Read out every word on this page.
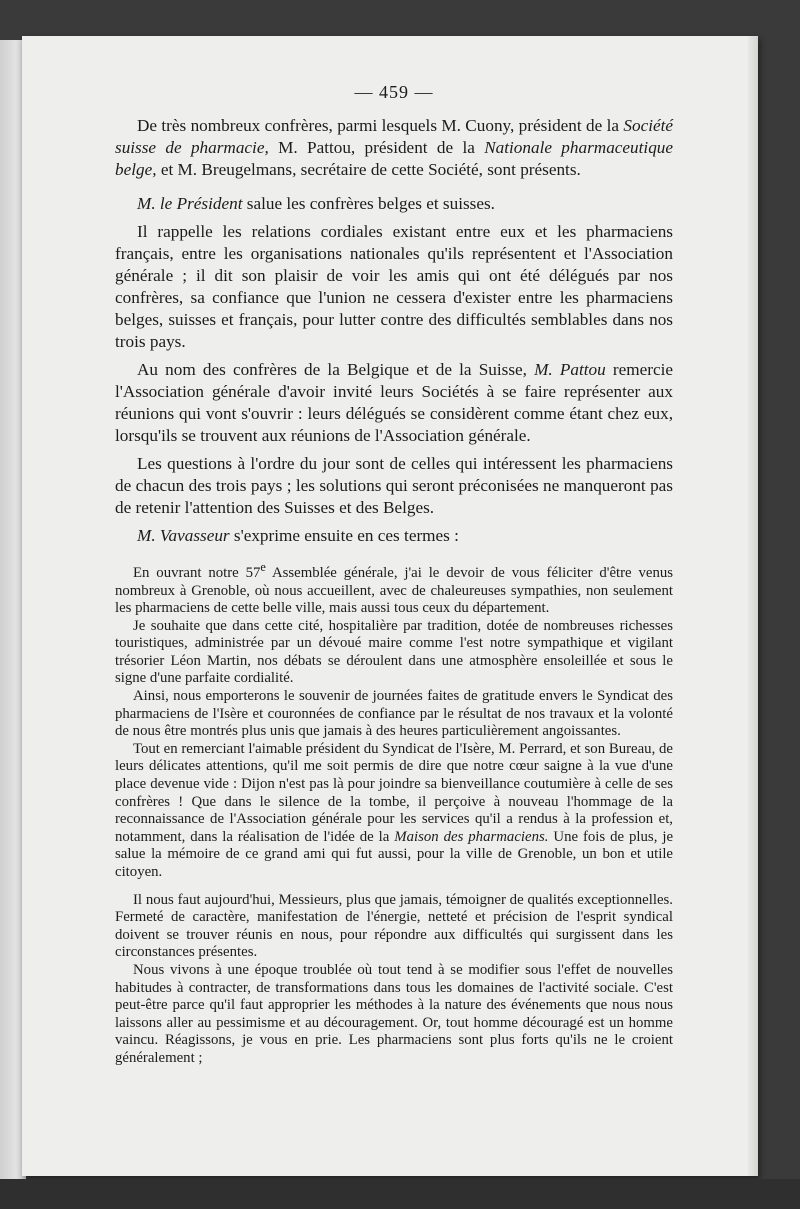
— 459 —

De très nombreux confrères, parmi lesquels M. Cuony, président de la Société suisse de pharmacie, M. Pattou, président de la Nationale pharmaceutique belge, et M. Breugelmans, secrétaire de cette Société, sont présents.

M. le Président salue les confrères belges et suisses.

Il rappelle les relations cordiales existant entre eux et les pharmaciens français, entre les organisations nationales qu'ils représentent et l'Association générale ; il dit son plaisir de voir les amis qui ont été délégués par nos confrères, sa confiance que l'union ne cessera d'exister entre les pharmaciens belges, suisses et français, pour lutter contre des difficultés semblables dans nos trois pays.

Au nom des confrères de la Belgique et de la Suisse, M. Pattou remercie l'Association générale d'avoir invité leurs Sociétés à se faire représenter aux réunions qui vont s'ouvrir : leurs délégués se considèrent comme étant chez eux, lorsqu'ils se trouvent aux réunions de l'Association générale.

Les questions à l'ordre du jour sont de celles qui intéressent les pharmaciens de chacun des trois pays ; les solutions qui seront préconisées ne manqueront pas de retenir l'attention des Suisses et des Belges.

M. Vavasseur s'exprime ensuite en ces termes :

En ouvrant notre 57e Assemblée générale, j'ai le devoir de vous féliciter d'être venus nombreux à Grenoble, où nous accueillent, avec de chaleureuses sympathies, non seulement les pharmaciens de cette belle ville, mais aussi tous ceux du département.

Je souhaite que dans cette cité, hospitalière par tradition, dotée de nombreuses richesses touristiques, administrée par un dévoué maire comme l'est notre sympathique et vigilant trésorier Léon Martin, nos débats se déroulent dans une atmosphère ensoleillée et sous le signe d'une parfaite cordialité.

Ainsi, nous emporterons le souvenir de journées faites de gratitude envers le Syndicat des pharmaciens de l'Isère et couronnées de confiance par le résultat de nos travaux et la volonté de nous être montrés plus unis que jamais à des heures particulièrement angoissantes.

Tout en remerciant l'aimable président du Syndicat de l'Isère, M. Perrard, et son Bureau, de leurs délicates attentions, qu'il me soit permis de dire que notre cœur saigne à la vue d'une place devenue vide : Dijon n'est pas là pour joindre sa bienveillance coutumière à celle de ses confrères ! Que dans le silence de la tombe, il perçoive à nouveau l'hommage de la reconnaissance de l'Association générale pour les services qu'il a rendus à la profession et, notamment, dans la réalisation de l'idée de la Maison des pharmaciens. Une fois de plus, je salue la mémoire de ce grand ami qui fut aussi, pour la ville de Grenoble, un bon et utile citoyen.

Il nous faut aujourd'hui, Messieurs, plus que jamais, témoigner de qualités exceptionnelles. Fermeté de caractère, manifestation de l'énergie, netteté et précision de l'esprit syndical doivent se trouver réunis en nous, pour répondre aux difficultés qui surgissent dans les circonstances présentes.

Nous vivons à une époque troublée où tout tend à se modifier sous l'effet de nouvelles habitudes à contracter, de transformations dans tous les domaines de l'activité sociale. C'est peut-être parce qu'il faut approprier les méthodes à la nature des événements que nous nous laissons aller au pessimisme et au découragement. Or, tout homme découragé est un homme vaincu. Réagissons, je vous en prie. Les pharmaciens sont plus forts qu'ils ne le croient généralement ;
